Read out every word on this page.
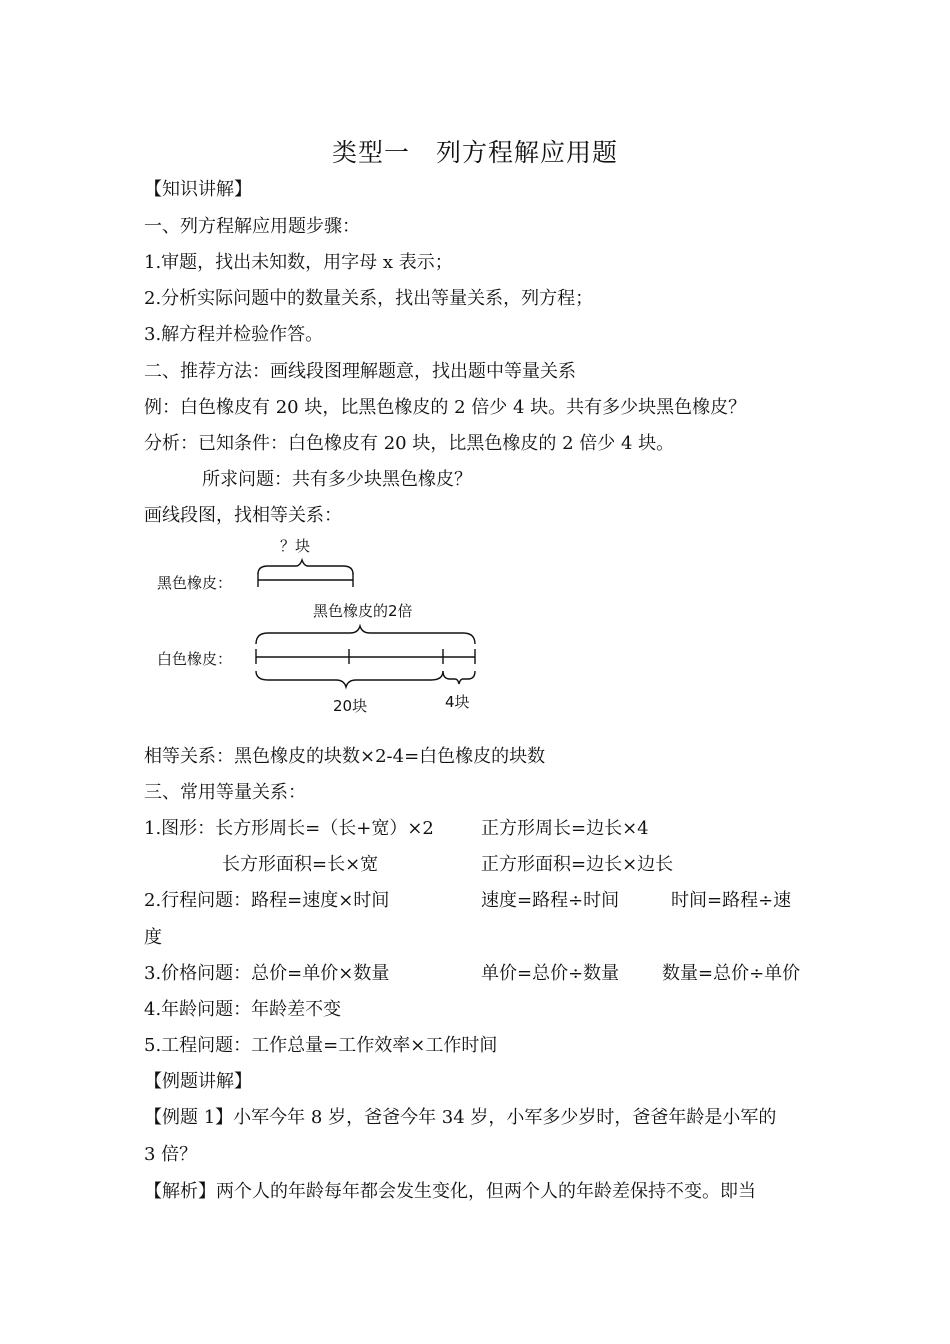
类型一　列方程解应用题
【知识讲解】
一、列方程解应用题步骤：
1.审题，找出未知数，用字母 x 表示；
2.分析实际问题中的数量关系，找出等量关系，列方程；
3.解方程并检验作答。
二、推荐方法：画线段图理解题意，找出题中等量关系
例：白色橡皮有 20 块，比黑色橡皮的 2 倍少 4 块。共有多少块黑色橡皮？
分析：已知条件：白色橡皮有 20 块，比黑色橡皮的 2 倍少 4 块。
所求问题：共有多少块黑色橡皮？
画线段图，找相等关系：
？块
黑色橡皮：
黑色橡皮的2倍
白色橡皮：
20块	4块
相等关系：黑色橡皮的块数×2-4=白色橡皮的块数
三、常用等量关系：
1.图形：长方形周长=（长+宽）×2	正方形周长=边长×4
长方形面积=长×宽	正方形面积=边长×边长
2.行程问题：路程=速度×时间	速度=路程÷时间	时间=路程÷速
度
3.价格问题：总价=单价×数量	单价=总价÷数量 数量=总价÷单价
4.年龄问题：年龄差不变
5.工程问题：工作总量=工作效率×工作时间
【例题讲解】
【例题 1】小军今年 8 岁，爸爸今年 34 岁，小军多少岁时，爸爸年龄是小军的
3 倍？
【解析】两个人的年龄每年都会发生变化，但两个人的年龄差保持不变。即当
